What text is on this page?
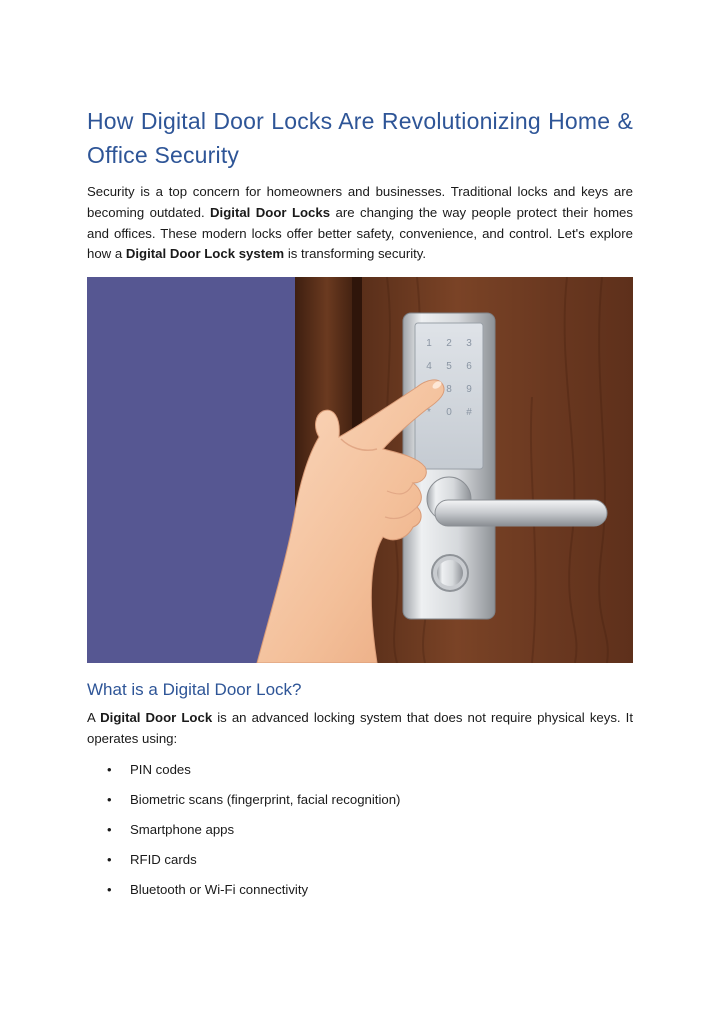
How Digital Door Locks Are Revolutionizing Home & Office Security

Security is a top concern for homeowners and businesses. Traditional locks and keys are becoming outdated. Digital Door Locks are changing the way people protect their homes and offices. These modern locks offer better safety, convenience, and control. Let's explore how a Digital Door Lock system is transforming security.

1 2 3
4 5 6
8 9
* 0 #
What is a Digital Door Lock?

A Digital Door Lock is an advanced locking system that does not require physical keys. It operates using:

• PIN codes
• Biometric scans (fingerprint, facial recognition)
• Smartphone apps
• RFID cards
• Bluetooth or Wi-Fi connectivity
